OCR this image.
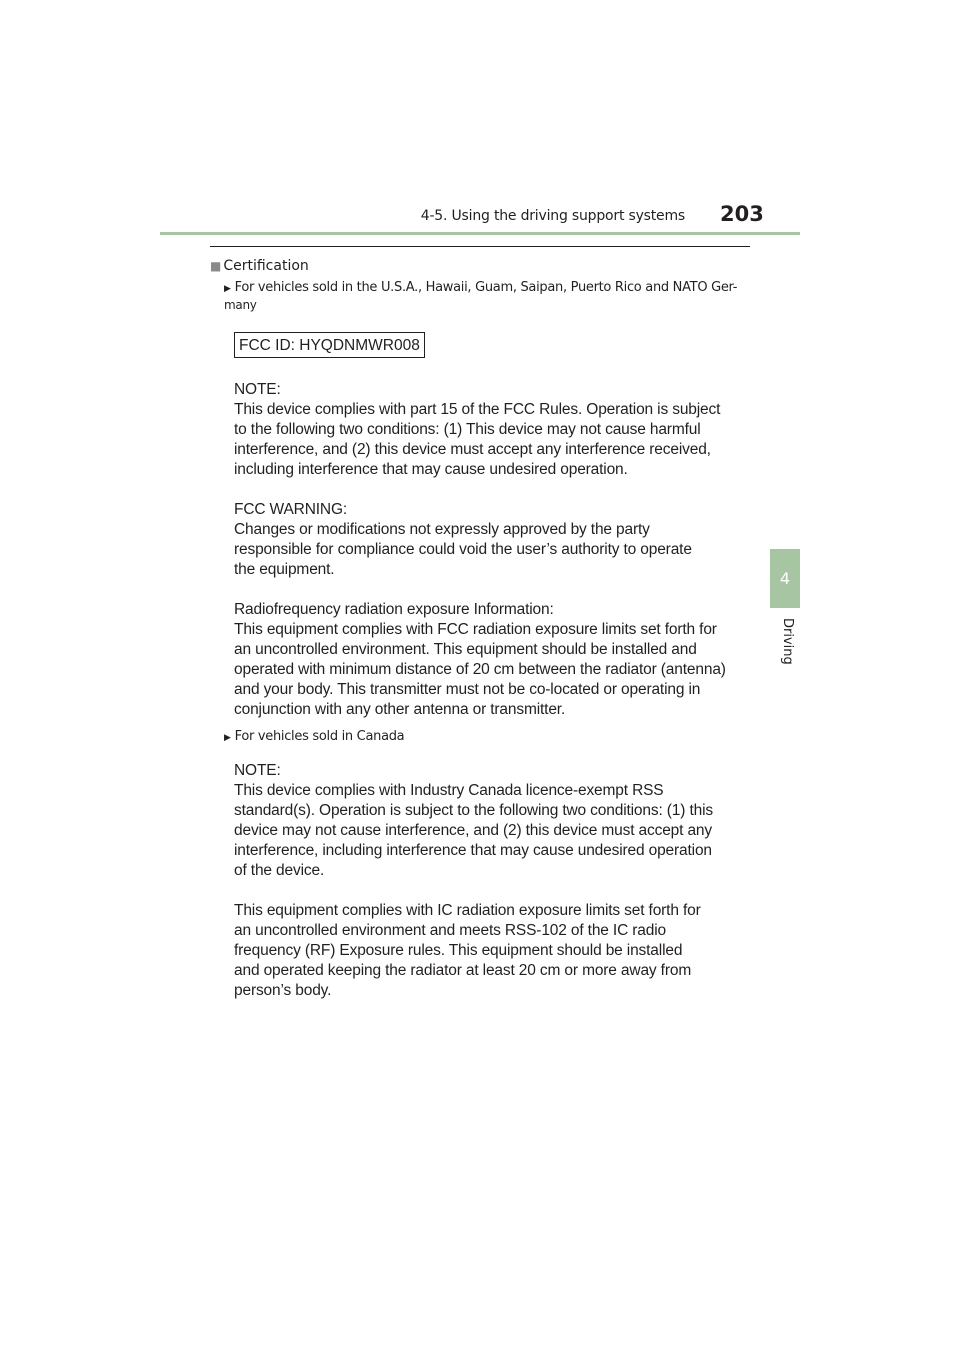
4-5. Using the driving support systems 203
4
Driving
■ Certification
▶ For vehicles sold in the U.S.A., Hawaii, Guam, Saipan, Puerto Rico and NATO Ger-
many
FCC ID: HYQDNMWR008

NOTE:

This device complies with part 15 of the FCC Rules. Operation is subject

to the following two conditions: (1) This device may not cause harmful

interference, and (2) this device must accept any interference received,

including interference that may cause undesired operation.

FCC WARNING:

Changes or modifications not expressly approved by the party

responsible for compliance could void the user’s authority to operate

the equipment.

Radiofrequency radiation exposure Information:

This equipment complies with FCC radiation exposure limits set forth for

an uncontrolled environment. This equipment should be installed and

operated with minimum distance of 20 cm between the radiator (antenna)

and your body. This transmitter must not be co-located or operating in

conjunction with any other antenna or transmitter.

▶ For vehicles sold in Canada

NOTE:

This device complies with Industry Canada licence-exempt RSS

standard(s). Operation is subject to the following two conditions: (1) this

device may not cause interference, and (2) this device must accept any

interference, including interference that may cause undesired operation

of the device.

This equipment complies with IC radiation exposure limits set forth for

an uncontrolled environment and meets RSS-102 of the IC radio

frequency (RF) Exposure rules. This equipment should be installed

and operated keeping the radiator at least 20 cm or more away from

person’s body.
